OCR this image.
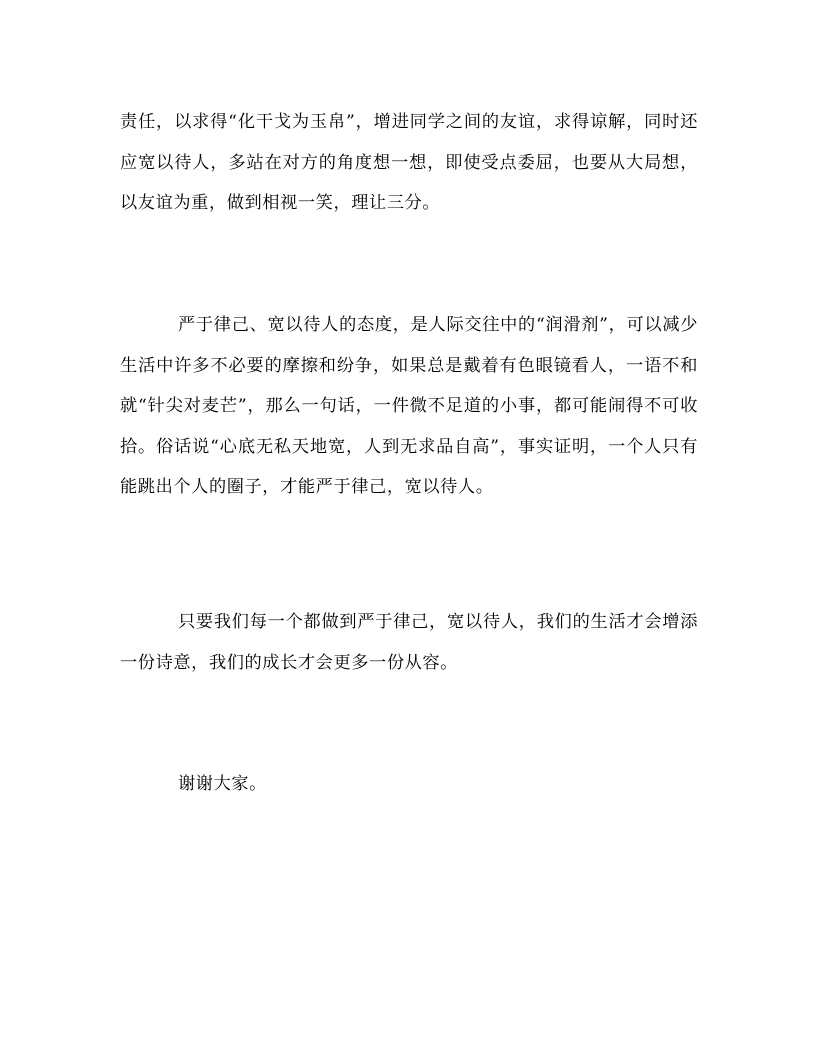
责任，以求得“化干戈为玉帛”，增进同学之间的友谊，求得谅解，同时还应宽以待人，多站在对方的角度想一想，即使受点委屈，也要从大局想，以友谊为重，做到相视一笑，理让三分。

严于律己、宽以待人的态度，是人际交往中的“润滑剂”，可以减少生活中许多不必要的摩擦和纷争，如果总是戴着有色眼镜看人，一语不和就“针尖对麦芒”，那么一句话，一件微不足道的小事，都可能闹得不可收拾。俗话说“心底无私天地宽，人到无求品自高”，事实证明，一个人只有能跳出个人的圈子，才能严于律己，宽以待人。

只要我们每一个都做到严于律己，宽以待人，我们的生活才会增添一份诗意，我们的成长才会更多一份从容。

谢谢大家。
